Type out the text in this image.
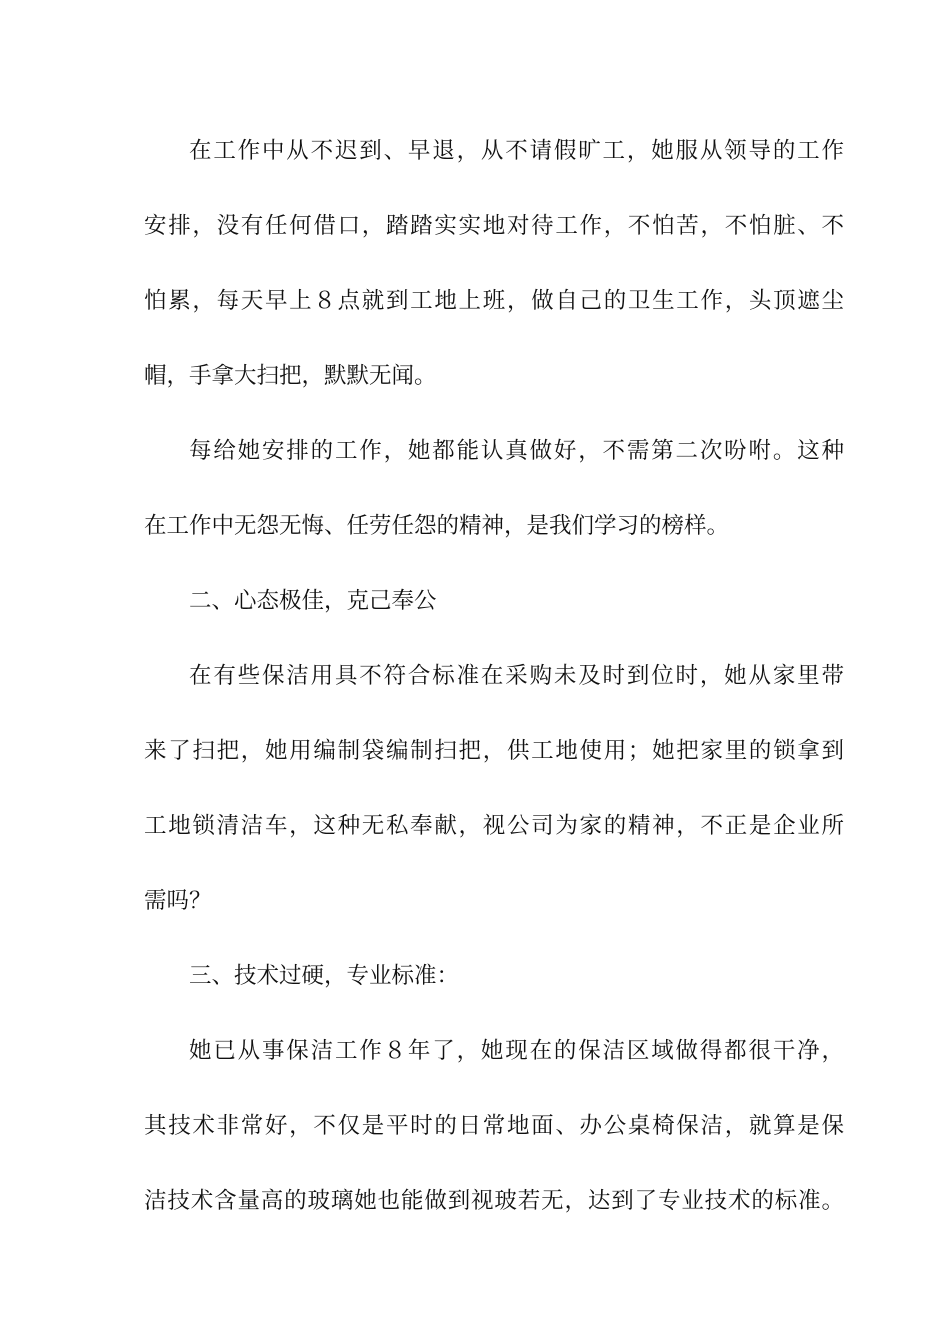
在工作中从不迟到、早退，从不请假旷工，她服从领导的工作
安排，没有任何借口，踏踏实实地对待工作，不怕苦，不怕脏、不
怕累，每天早上８点就到工地上班，做自己的卫生工作，头顶遮尘
帽，手拿大扫把，默默无闻。
每给她安排的工作，她都能认真做好，不需第二次吩咐。这种
在工作中无怨无悔、任劳任怨的精神，是我们学习的榜样。
二、心态极佳，克己奉公
在有些保洁用具不符合标准在采购未及时到位时，她从家里带
来了扫把，她用编制袋编制扫把，供工地使用；她把家里的锁拿到
工地锁清洁车，这种无私奉献，视公司为家的精神，不正是企业所
需吗？
三、技术过硬，专业标准：
她已从事保洁工作８年了，她现在的保洁区域做得都很干净，
其技术非常好，不仅是平时的日常地面、办公桌椅保洁，就算是保
洁技术含量高的玻璃她也能做到视玻若无，达到了专业技术的标准。
